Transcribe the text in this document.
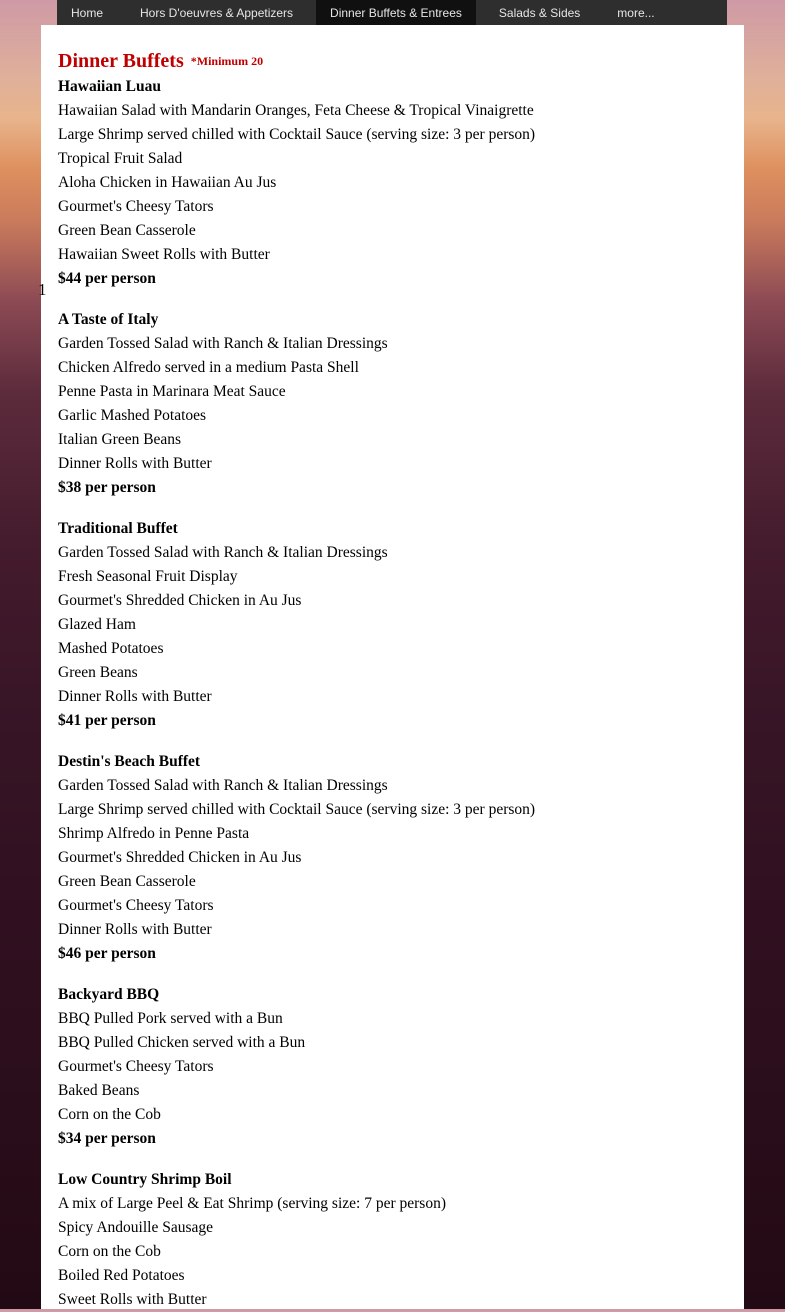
Home	Hors D'oeuvres & Appetizers	Dinner Buffets & Entrees	Salads & Sides	more...
Dinner Buffets *Minimum 20
Hawaiian Luau
Hawaiian Salad with Mandarin Oranges, Feta Cheese & Tropical Vinaigrette
Large Shrimp served chilled with Cocktail Sauce (serving size: 3 per person)
Tropical Fruit Salad
Aloha Chicken in Hawaiian Au Jus
Gourmet's Cheesy Tators
Green Bean Casserole
Hawaiian Sweet Rolls with Butter
$44 per person
A Taste of Italy
Garden Tossed Salad with Ranch & Italian Dressings
Chicken Alfredo served in a medium Pasta Shell
Penne Pasta in Marinara Meat Sauce
Garlic Mashed Potatoes
Italian Green Beans
Dinner Rolls with Butter
$38 per person
Traditional Buffet
Garden Tossed Salad with Ranch & Italian Dressings
Fresh Seasonal Fruit Display
Gourmet's Shredded Chicken in Au Jus
Glazed Ham
Mashed Potatoes
Green Beans
Dinner Rolls with Butter
$41 per person
Destin's Beach Buffet
Garden Tossed Salad with Ranch & Italian Dressings
Large Shrimp served chilled with Cocktail Sauce (serving size: 3 per person)
Shrimp Alfredo in Penne Pasta
Gourmet's Shredded Chicken in Au Jus
Green Bean Casserole
Gourmet's Cheesy Tators
Dinner Rolls with Butter
$46 per person
Backyard BBQ
BBQ Pulled Pork served with a Bun
BBQ Pulled Chicken served with a Bun
Gourmet's Cheesy Tators
Baked Beans
Corn on the Cob
$34 per person
Low Country Shrimp Boil
A mix of Large Peel & Eat Shrimp (serving size: 7 per person)
Spicy Andouille Sausage
Corn on the Cob
Boiled Red Potatoes
Sweet Rolls with Butter
1
